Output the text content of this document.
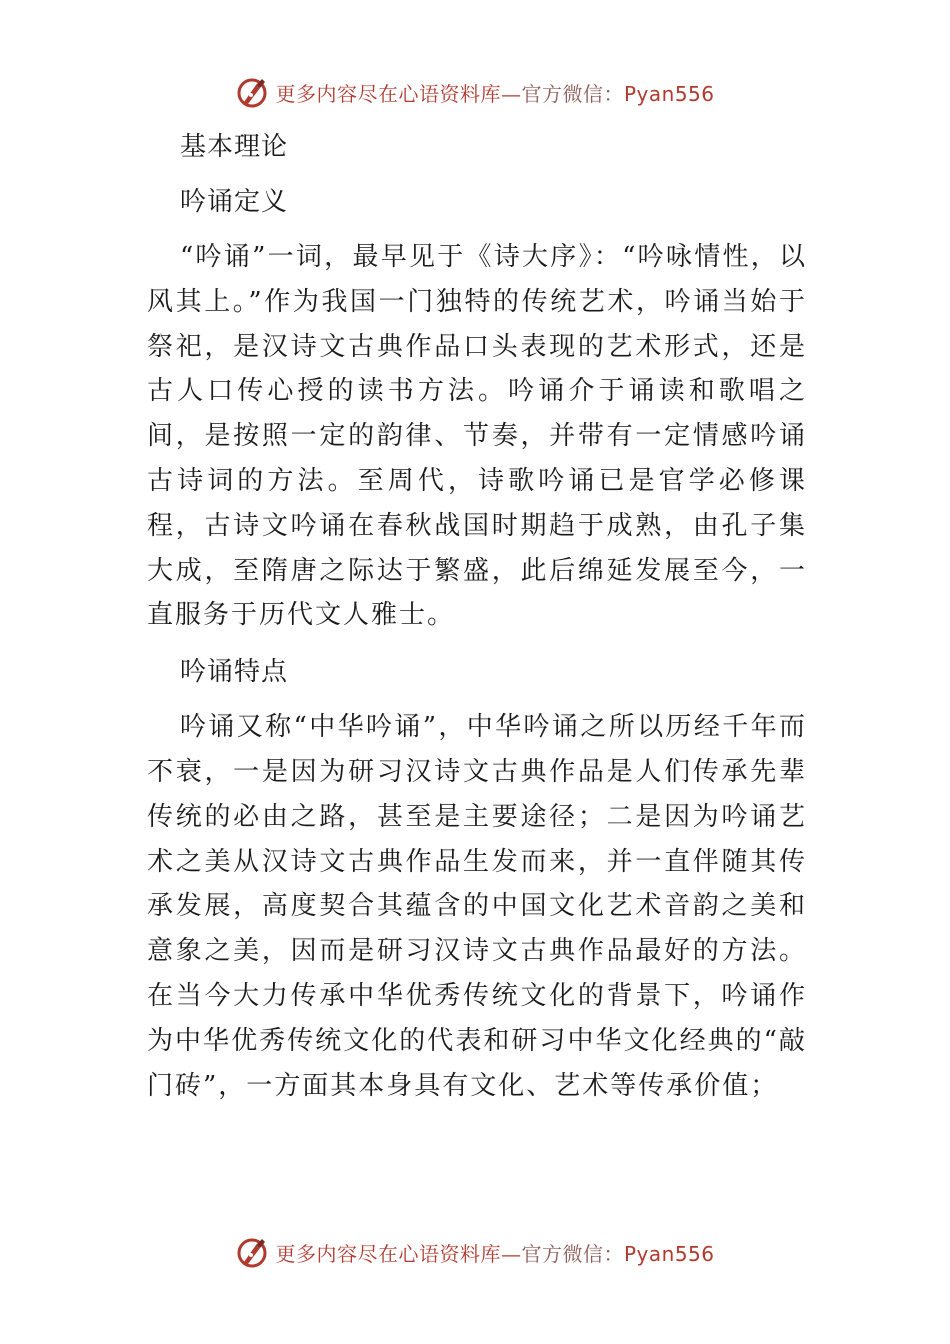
更多内容尽在心语资料库—官方微信：Pyan556
基本理论
吟诵定义

“吟诵”一词，最早见于《诗大序》：“吟咏情性，以风其上。”作为我国一门独特的传统艺术，吟诵当始于祭祀，是汉诗文古典作品口头表现的艺术形式，还是古人口传心授的读书方法。吟诵介于诵读和歌唱之间，是按照一定的韵律、节奏，并带有一定情感吟诵古诗词的方法。至周代，诗歌吟诵已是官学必修课程，古诗文吟诵在春秋战国时期趋于成熟，由孔子集大成，至隋唐之际达于繁盛，此后绵延发展至今，一直服务于历代文人雅士。

吟诵特点

吟诵又称“中华吟诵”，中华吟诵之所以历经千年而不衰，一是因为研习汉诗文古典作品是人们传承先辈传统的必由之路，甚至是主要途径；二是因为吟诵艺术之美从汉诗文古典作品生发而来，并一直伴随其传承发展，高度契合其蕴含的中国文化艺术音韵之美和意象之美，因而是研习汉诗文古典作品最好的方法。在当今大力传承中华优秀传统文化的背景下，吟诵作为中华优秀传统文化的代表和研习中华文化经典的“敲门砖”，一方面其本身具有文化、艺术等传承价值；

更多内容尽在心语资料库—官方微信：Pyan556
